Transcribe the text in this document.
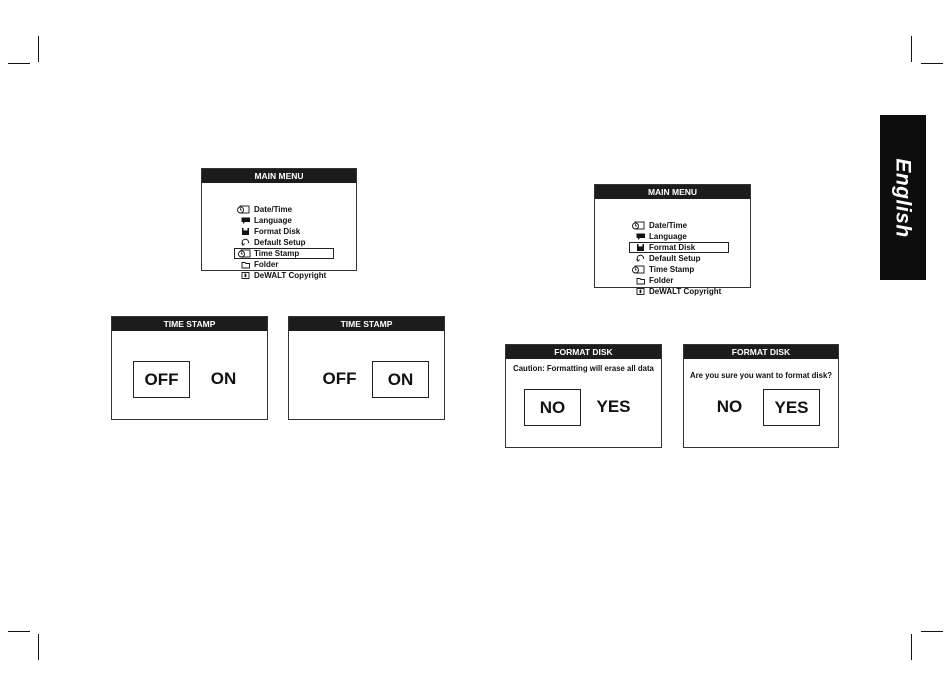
English
MAIN MENU
Date/Time
Language
Format Disk
Default Setup
Time Stamp
Folder
DeWALT Copyright
MAIN MENU
Date/Time
Language
Format Disk
Default Setup
Time Stamp
Folder
DeWALT Copyright
TIME STAMP
OFF	ON
TIME STAMP
OFF	ON
FORMAT DISK
Caution: Formatting will erase all data
NO	YES
FORMAT DISK
Are you sure you want to format disk?
NO	YES
